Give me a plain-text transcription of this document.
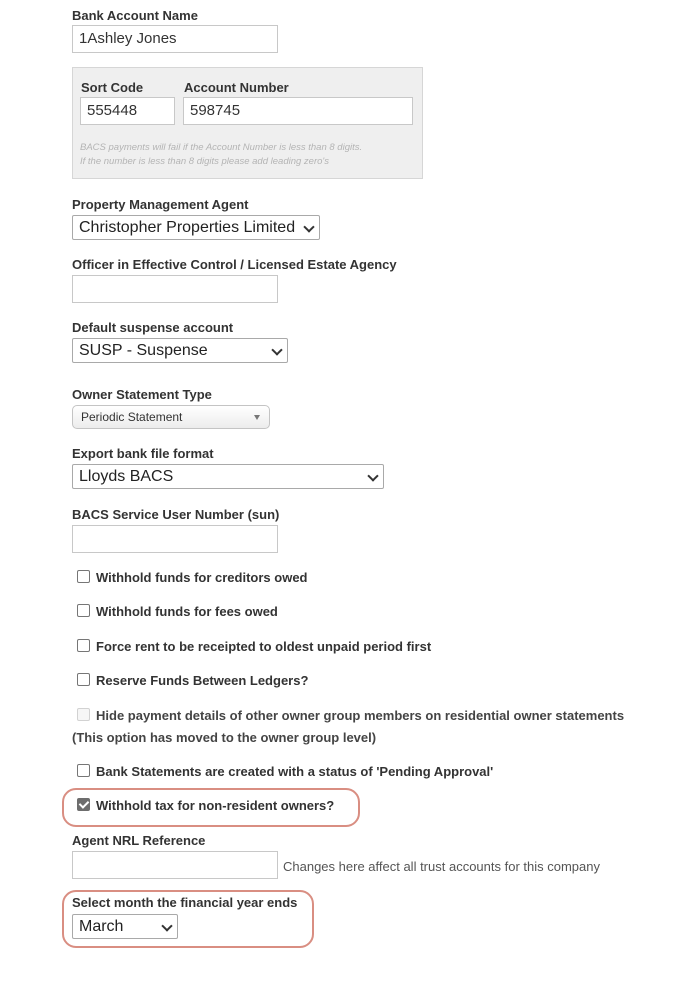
Bank Account Name
1Ashley Jones
Sort Code
555448
Account Number
598745
BACS payments will fail if the Account Number is less than 8 digits.
If the number is less than 8 digits please add leading zero's
Property Management Agent
Christopher Properties Limited
Officer in Effective Control / Licensed Estate Agency
Default suspense account
SUSP - Suspense
Owner Statement Type
Periodic Statement
Export bank file format
Lloyds BACS
BACS Service User Number (sun)
Withhold funds for creditors owed
Withhold funds for fees owed
Force rent to be receipted to oldest unpaid period first
Reserve Funds Between Ledgers?
Hide payment details of other owner group members on residential owner statements
(This option has moved to the owner group level)
Bank Statements are created with a status of 'Pending Approval'
Withhold tax for non-resident owners?
Agent NRL Reference
Changes here affect all trust accounts for this company
Select month the financial year ends
March
